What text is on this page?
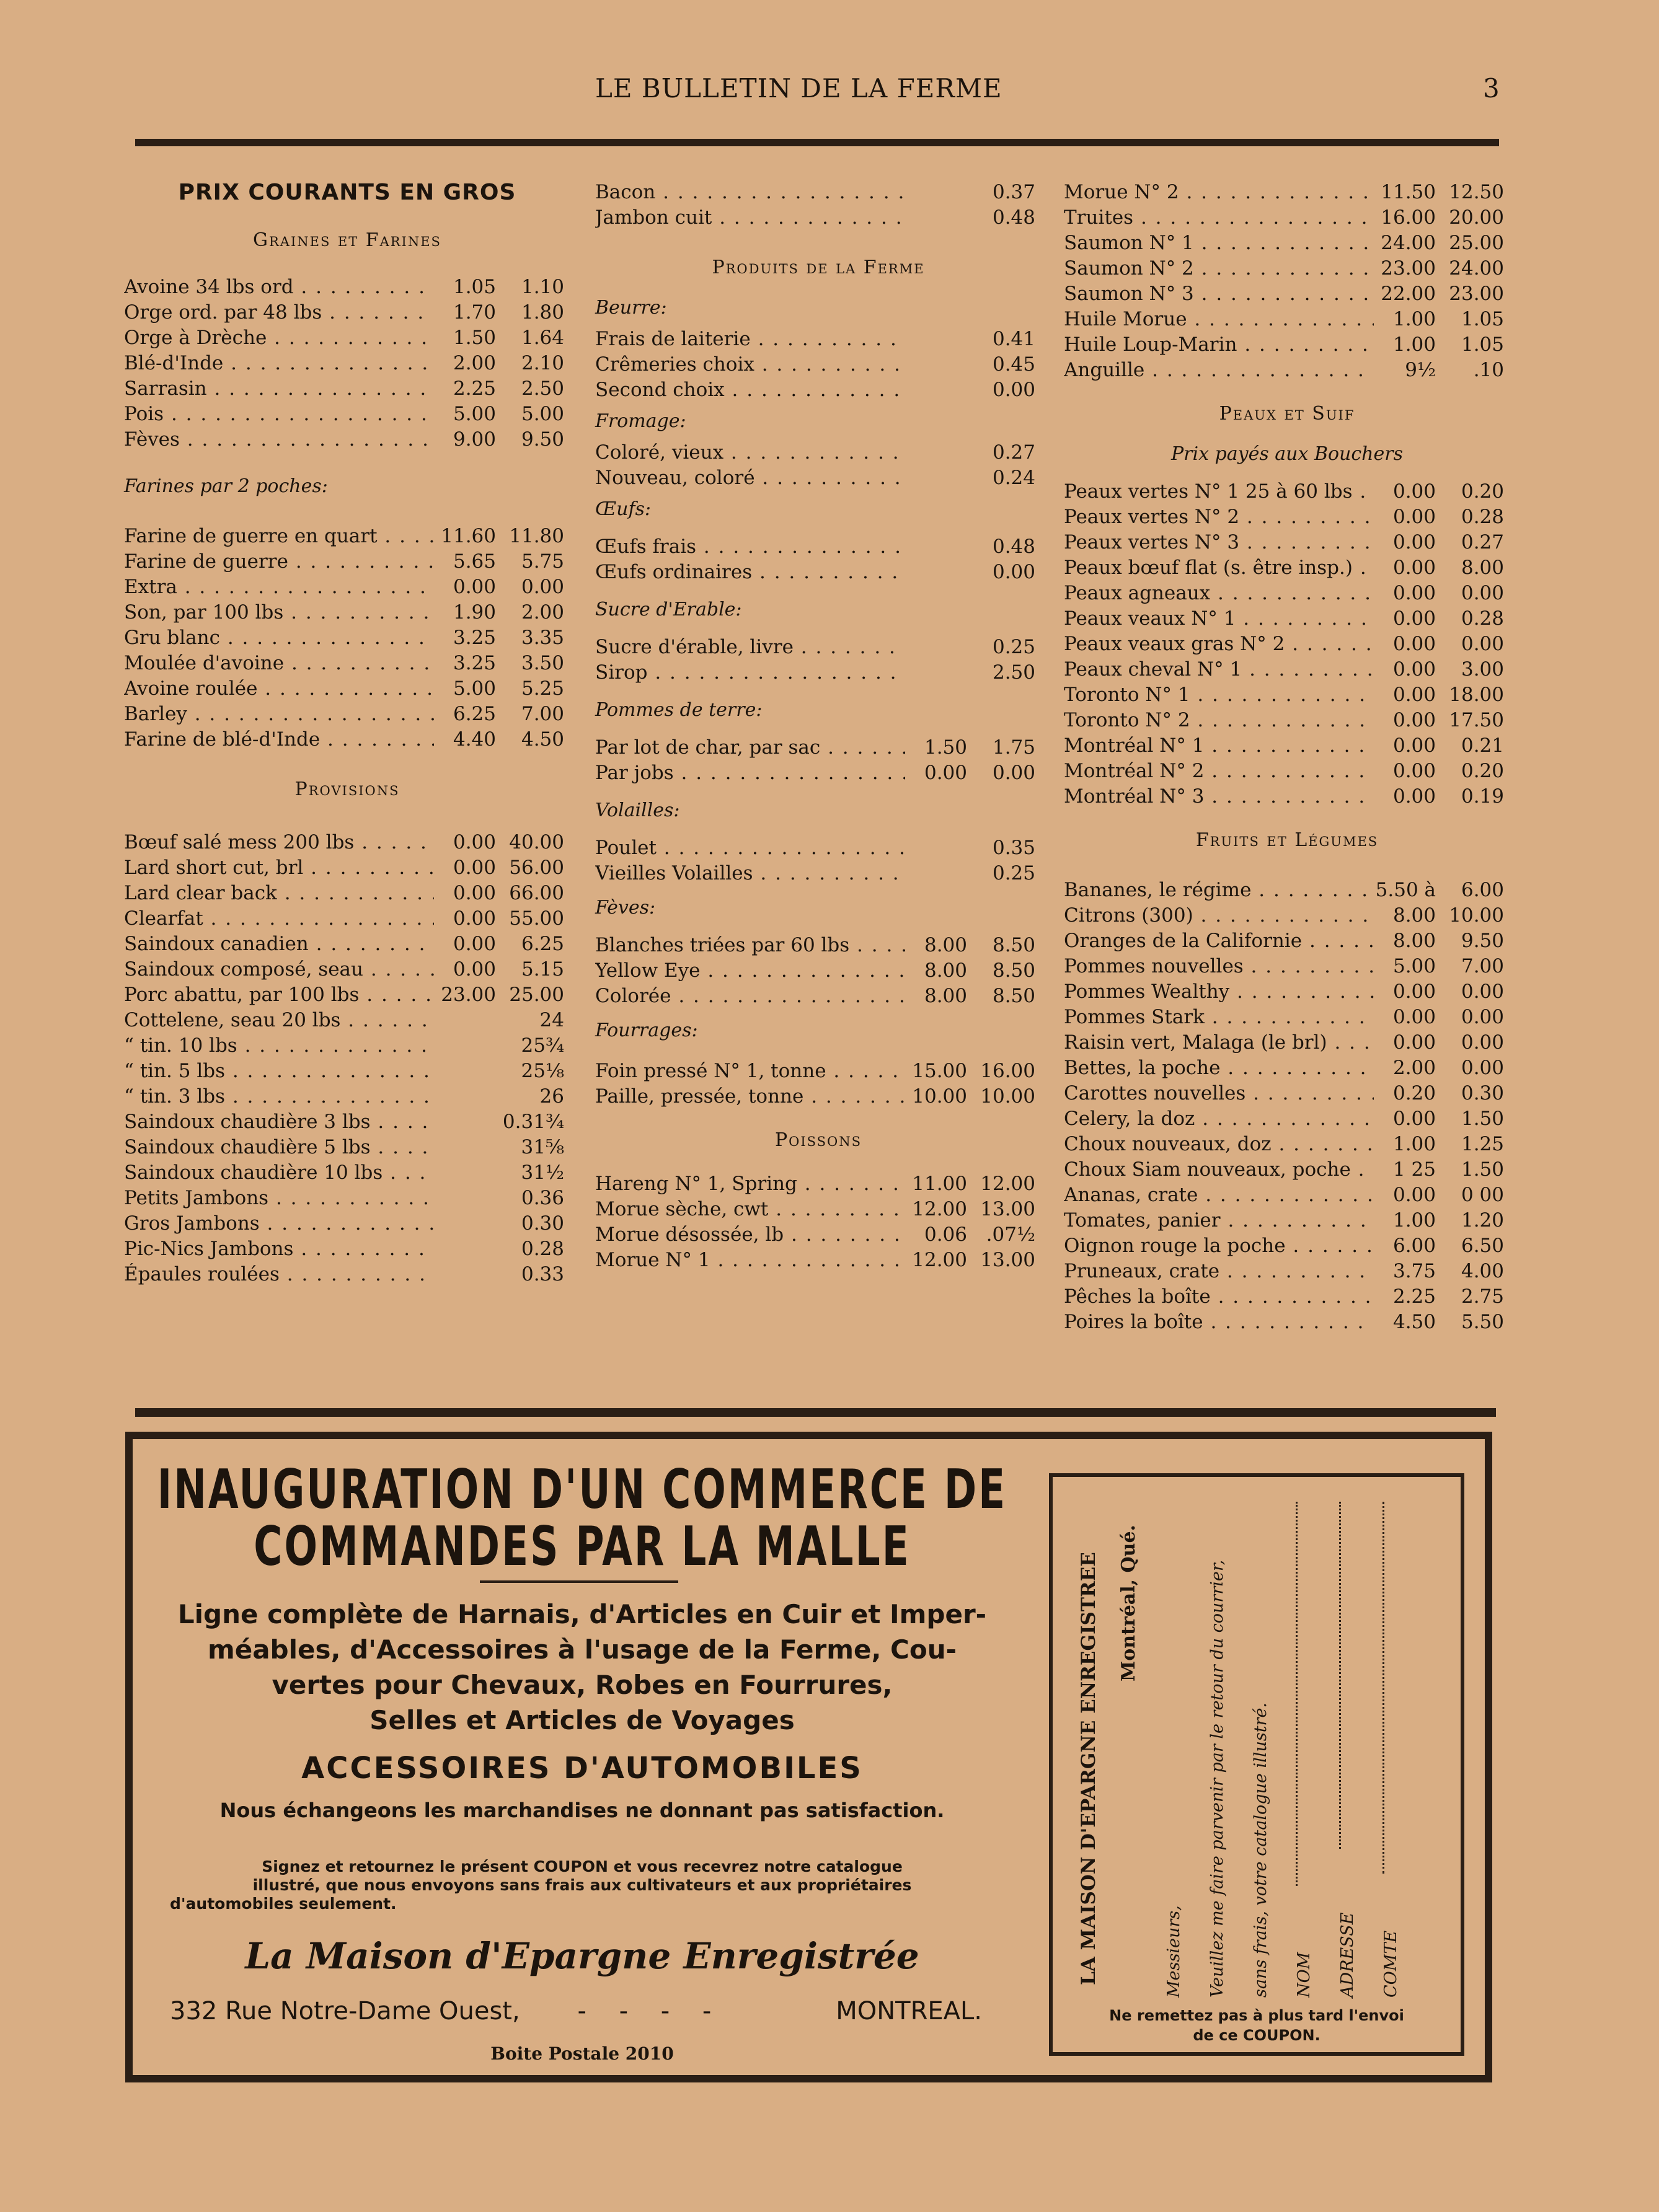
LE BULLETIN DE LA FERME	3
PRIX COURANTS EN GROS
Graines et Farines
Avoine 34 lbs ord . . .	1.05	1.10
Orge ord. par 48 lbs . . .	1.70	1.80
Orge à Drèche . . .	1.50	1.64
Blé-d'Inde . . .	2.00	2.10
Sarrasin . . .	2.25	2.50
Pois . . .	5.00	5.00
Fèves . . .	9.00	9.50
Farines par 2 poches:
Farine de guerre en quart . . .	11.60 11.80
Farine de guerre . . .	5.65	5.75
Extra . . .	0.00	0.00
Son, par 100 lbs . . .	1.90	2.00
Gru blanc . . .	3.25	3.35
Moulée d'avoine . . .	3.25	3.50
Avoine roulée . . .	5.00	5.25
Barley . . .	6.25	7.00
Farine de blé-d'Inde . . .	4.40	4.50
Provisions
Bœuf salé mess 200 lbs . . .	0.00 40.00
Lard short cut, brl . . .	0.00 56.00
Lard clear back . . .	0.00 66.00
Clearfat . . .	0.00 55.00
Saindoux canadien . . .	0.00	6.25
Saindoux composé, seau . . .	0.00	5.15
Porc abattu, par 100 lbs . . .	23.00 25.00
Cottelene, seau 20 lbs . . .	24
“ tin. 10 lbs . . .	25¾
“ tin. 5 lbs . . .	25⅛
“ tin. 3 lbs . . .	26
Saindoux chaudière 3 lbs . . .	0.31¾
Saindoux chaudière 5 lbs . . .	31⅝
Saindoux chaudière 10 lbs . . .	31½
Petits Jambons . . .	0.36
Gros Jambons . . .	0.30
Pic-Nics Jambons . . .	0.28
Épaules roulées . . .	0.33
Bacon . . .	0.37
Jambon cuit . . .	0.48
Produits de la Ferme
Beurre:
Frais de laiterie . . .	0.41
Crêmeries choix . . .	0.45
Second choix . . .	0.00
Fromage:
Coloré, vieux . . .	0.27
Nouveau, coloré . . .	0.24
Œufs:
Œufs frais . . .	0.48
Œufs ordinaires . . .	0.00
Sucre d'Erable:
Sucre d'érable, livre . . .	0.25
Sirop . . .	2.50
Pommes de terre:
Par lot de char, par sac . . .	1.50	1.75
Par jobs . . .	0.00	0.00
Volailles:
Poulet . . .	0.35
Vieilles Volailles . . .	0.25
Fèves:
Blanches triées par 60 lbs . . .	8.00	8.50
Yellow Eye . . .	8.00	8.50
Colorée . . .	8.00	8.50
Fourrages:
Foin pressé N° 1, tonne . . .	15.00 16.00
Paille, pressée, tonne . . .	10.00 10.00
Poissons
Hareng N° 1, Spring . . .	11.00 12.00
Morue sèche, cwt . . .	12.00 13.00
Morue désossée, lb . . .	0.06 .07½
Morue N° 1 . . .	12.00 13.00
Morue N° 2 . . .	11.50 12.50
Truites . . .	16.00 20.00
Saumon N° 1 . . .	24.00 25.00
Saumon N° 2 . . .	23.00 24.00
Saumon N° 3 . . .	22.00 23.00
Huile Morue . . .	1.00	1.05
Huile Loup-Marin . . .	1.00	1.05
Anguille . . .	9½	.10
Peaux et Suif
Prix payés aux Bouchers
Peaux vertes N° 1 25 à 60 lbs . . .	0.00	0.20
Peaux vertes N° 2 . . .	0.00	0.28
Peaux vertes N° 3 . . .	0.00	0.27
Peaux bœuf flat (s. être insp.) . . .	0.00	8.00
Peaux agneaux . . .	0.00	0.00
Peaux veaux N° 1 . . .	0.00	0.28
Peaux veaux gras N° 2 . . .	0.00	0.00
Peaux cheval N° 1 . . .	0.00	3.00
Toronto N° 1 . . .	0.00 18.00
Toronto N° 2 . . .	0.00 17.50
Montréal N° 1 . . .	0.00	0.21
Montréal N° 2 . . .	0.00	0.20
Montréal N° 3 . . .	0.00	0.19
Fruits et Légumes
Bananes, le régime . . .	5.50 à	6.00
Citrons (300) . . .	8.00 10.00
Oranges de la Californie . . .	8.00	9.50
Pommes nouvelles . . .	5.00	7.00
Pommes Wealthy . . .	0.00	0.00
Pommes Stark . . .	0.00	0.00
Raisin vert, Malaga (le brl) . . .	0.00	0.00
Bettes, la poche . . .	2.00	0.00
Carottes nouvelles . . .	0.20	0.30
Celery, la doz . . .	0.00	1.50
Choux nouveaux, doz . . .	1.00	1.25
Choux Siam nouveaux, poche . . .	1 25	1.50
Ananas, crate . . .	0.00	0 00
Tomates, panier . . .	1.00	1.20
Oignon rouge la poche . . .	6.00	6.50
Pruneaux, crate . . .	3.75	4.00
Pêches la boîte . . .	2.25	2.75
Poires la boîte . . .	4.50	5.50
INAUGURATION D'UN COMMERCE DE
COMMANDES PAR LA MALLE
Ligne complète de Harnais, d'Articles en Cuir et Imper-
méables, d'Accessoires à l'usage de la Ferme, Cou-
vertes pour Chevaux, Robes en Fourrures,
Selles et Articles de Voyages
ACCESSOIRES D'AUTOMOBILES
Nous échangeons les marchandises ne donnant pas satisfaction.
Signez et retournez le présent COUPON et vous recevrez notre catalogue
illustré, que nous envoyons sans frais aux cultivateurs et aux propriétaires
d'automobiles seulement.
La Maison d'Epargne Enregistrée
332 Rue Notre-Dame Ouest, - - - -	MONTREAL.
Boite Postale 2010
LA MAISON D'EPARGNE ENREGISTREE Montréal, Qué.
Messieurs, Veuillez me faire parvenir par le retour du courrier, sans frais, votre catalogue illustré. NOM ADRESSE COMTE
Ne remettez pas à plus tard l'envoi
de ce COUPON.
